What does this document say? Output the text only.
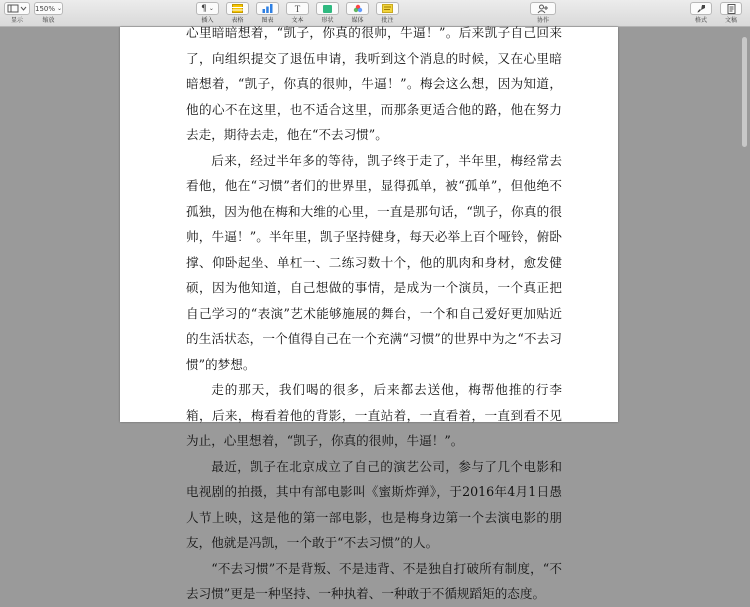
显示
150% ⌄
缩放
¶ ⌄
插入	表格	图表
T
文本	形状	媒体	批注	协作	格式	文稿

心里暗暗想着，“凯子，你真的很帅，牛逼！”。后来凯子自己回来了，向组织提交了退伍申请，我听到这个消息的时候，又在心里暗暗想着，“凯子，你真的很帅，牛逼！”。梅会这么想，因为知道，他的心不在这里，也不适合这里，而那条更适合他的路，他在努力去走，期待去走，他在“不去习惯”。

后来，经过半年多的等待，凯子终于走了，半年里，梅经常去看他，他在“习惯”者们的世界里，显得孤单，被“孤单”，但他绝不孤独，因为他在梅和大维的心里，一直是那句话，“凯子，你真的很帅，牛逼！”。半年里，凯子坚持健身，每天必举上百个哑铃，俯卧撑、仰卧起坐、单杠一、二练习数十个，他的肌肉和身材，愈发健硕，因为他知道，自己想做的事情，是成为一个演员，一个真正把自己学习的“表演”艺术能够施展的舞台，一个和自己爱好更加贴近的生活状态，一个值得自己在一个充满“习惯”的世界中为之“不去习惯”的梦想。

走的那天，我们喝的很多，后来都去送他，梅帮他推的行李箱，后来，梅看着他的背影，一直站着，一直看着，一直到看不见为止，心里想着，“凯子，你真的很帅，牛逼！”。

最近，凯子在北京成立了自己的演艺公司，参与了几个电影和电视剧的拍摄，其中有部电影叫《蜜斯炸弹》，于2016年4月1日愚人节上映，这是他的第一部电影，也是梅身边第一个去演电影的朋友，他就是冯凯，一个敢于“不去习惯”的人。

“不去习惯”不是背叛、不是违背、不是独自打破所有制度，“不去习惯”更是一种坚持、一种执着、一种敢于不循规蹈矩的态度。
